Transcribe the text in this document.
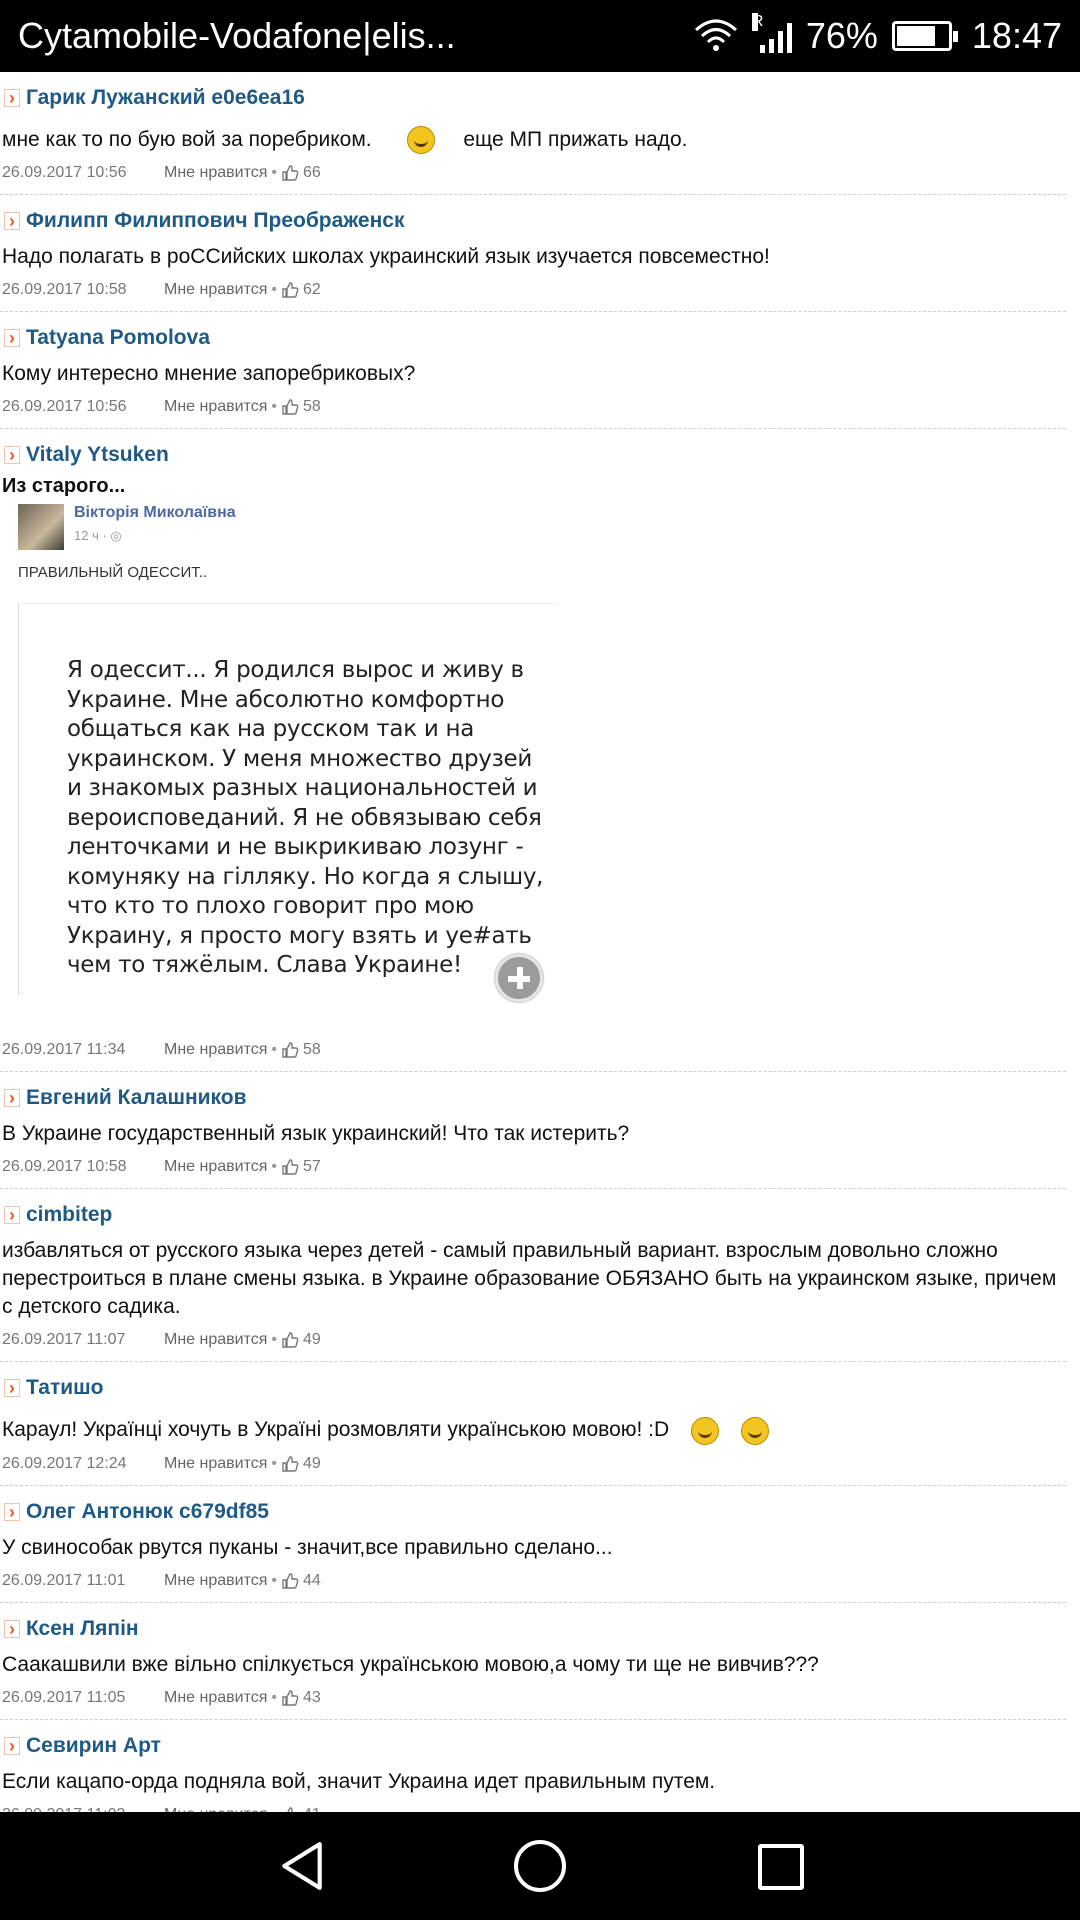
Cytamobile-Vodafone|elis...	R 76%	18:47
› Гарик Лужанский e0e6ea16
мне как то по бую вой за поребриком.	еще МП прижать надо.
26.09.2017 10:56	Мне нравится • 66
› Филипп Филиппович Преображенск
Надо полагать в роССийских школах украинский язык изучается повсеместно!
26.09.2017 10:58	Мне нравится • 62
› Tatyana Pomolova
Кому интересно мнение запоребриковых?
26.09.2017 10:56	Мне нравится • 58
› Vitaly Ytsuken
Из старого...
Вікторія Миколаївна
12 ч · ◎
ПРАВИЛЬНЫЙ ОДЕССИТ..
Я одессит... Я родился вырос и живу в Украине. Мне абсолютно комфортно общаться как на русском так и на украинском. У меня множество друзей и знакомых разных национальностей и вероисповеданий. Я не обвязываю себя ленточками и не выкрикиваю лозунг - комуняку на гілляку. Но когда я слышу, что кто то плохо говорит про мою Украину, я просто могу взять и уе#ать чем то тяжёлым. Слава Украине!
26.09.2017 11:34	Мне нравится • 58
› Евгений Калашников
В Украине государственный язык украинский! Что так истерить?
26.09.2017 10:58	Мне нравится • 57
› cimbitep
избавляться от русского языка через детей - самый правильный вариант. взрослым довольно сложно перестроиться в плане смены языка. в Украине образование ОБЯЗАНО быть на украинском языке, причем с детского садика.
26.09.2017 11:07	Мне нравится • 49
› Татишо
Караул! Українці хочуть в Україні розмовляти українською мовою! :D
26.09.2017 12:24	Мне нравится • 49
› Олег Антонюк c679df85
У свинособак рвутся пуканы - значит,все правильно сделано...
26.09.2017 11:01	Мне нравится • 44
› Ксен Ляпін
Саакашвили вже вільно спілкується українською мовою,а чому ти ще не вивчив???
26.09.2017 11:05	Мне нравится • 43
› Севирин Арт
Если кацапо-орда подняла вой, значит Украина идет правильным путем.
